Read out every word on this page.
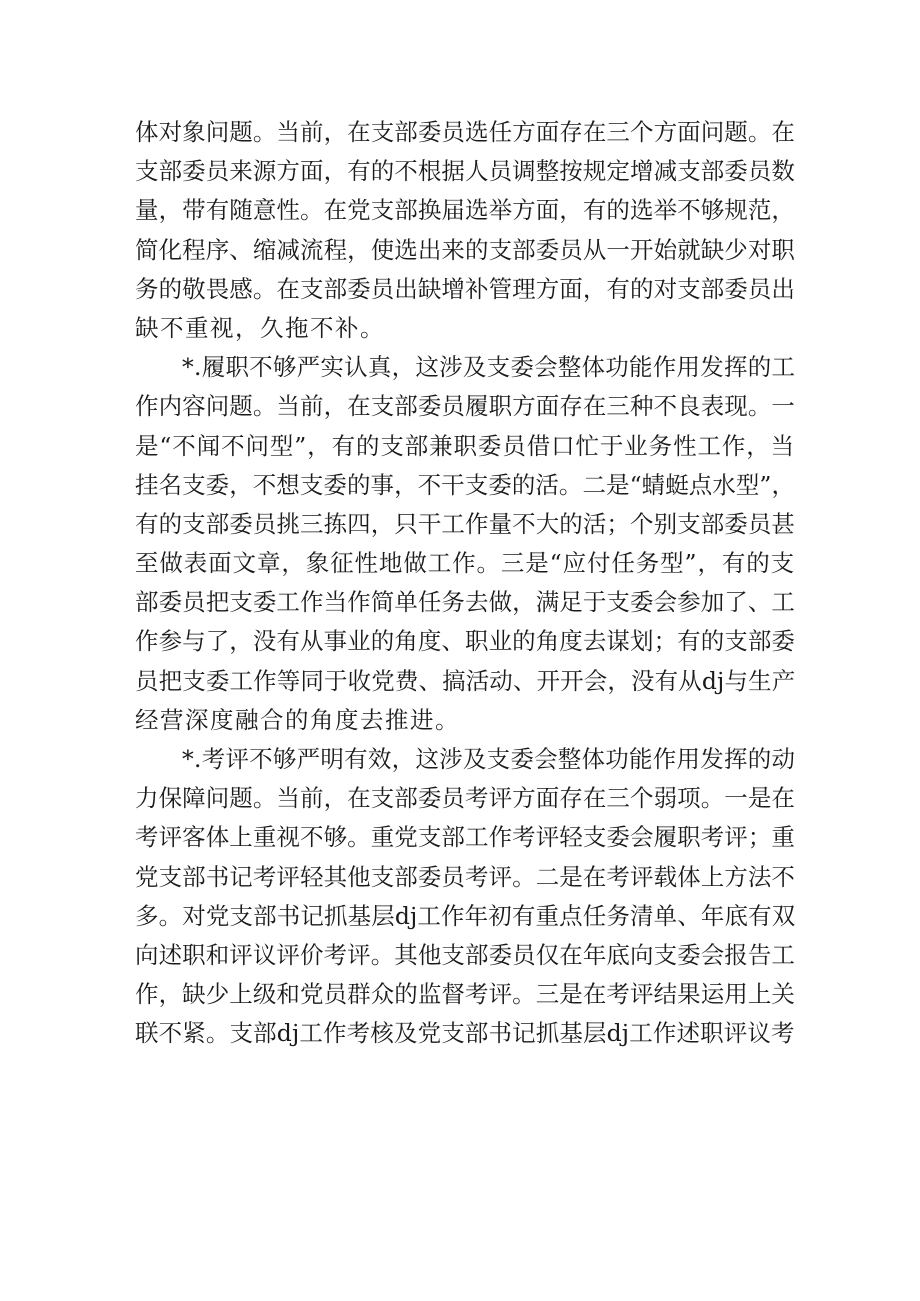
体对象问题。当前，在支部委员选任方面存在三个方面问题。在
支部委员来源方面，有的不根据人员调整按规定增减支部委员数
量，带有随意性。在党支部换届选举方面，有的选举不够规范，
简化程序、缩减流程，使选出来的支部委员从一开始就缺少对职
务的敬畏感。在支部委员出缺增补管理方面，有的对支部委员出
缺不重视，久拖不补。
*.履职不够严实认真，这涉及支委会整体功能作用发挥的工
作内容问题。当前，在支部委员履职方面存在三种不良表现。一
是“不闻不问型”，有的支部兼职委员借口忙于业务性工作，当
挂名支委，不想支委的事，不干支委的活。二是“蜻蜓点水型”，
有的支部委员挑三拣四，只干工作量不大的活；个别支部委员甚
至做表面文章，象征性地做工作。三是“应付任务型”，有的支
部委员把支委工作当作简单任务去做，满足于支委会参加了、工
作参与了，没有从事业的角度、职业的角度去谋划；有的支部委
员把支委工作等同于收党费、搞活动、开开会，没有从dj与生产
经营深度融合的角度去推进。
*.考评不够严明有效，这涉及支委会整体功能作用发挥的动
力保障问题。当前，在支部委员考评方面存在三个弱项。一是在
考评客体上重视不够。重党支部工作考评轻支委会履职考评；重
党支部书记考评轻其他支部委员考评。二是在考评载体上方法不
多。对党支部书记抓基层dj工作年初有重点任务清单、年底有双
向述职和评议评价考评。其他支部委员仅在年底向支委会报告工
作，缺少上级和党员群众的监督考评。三是在考评结果运用上关
联不紧。支部dj工作考核及党支部书记抓基层dj工作述职评议考
